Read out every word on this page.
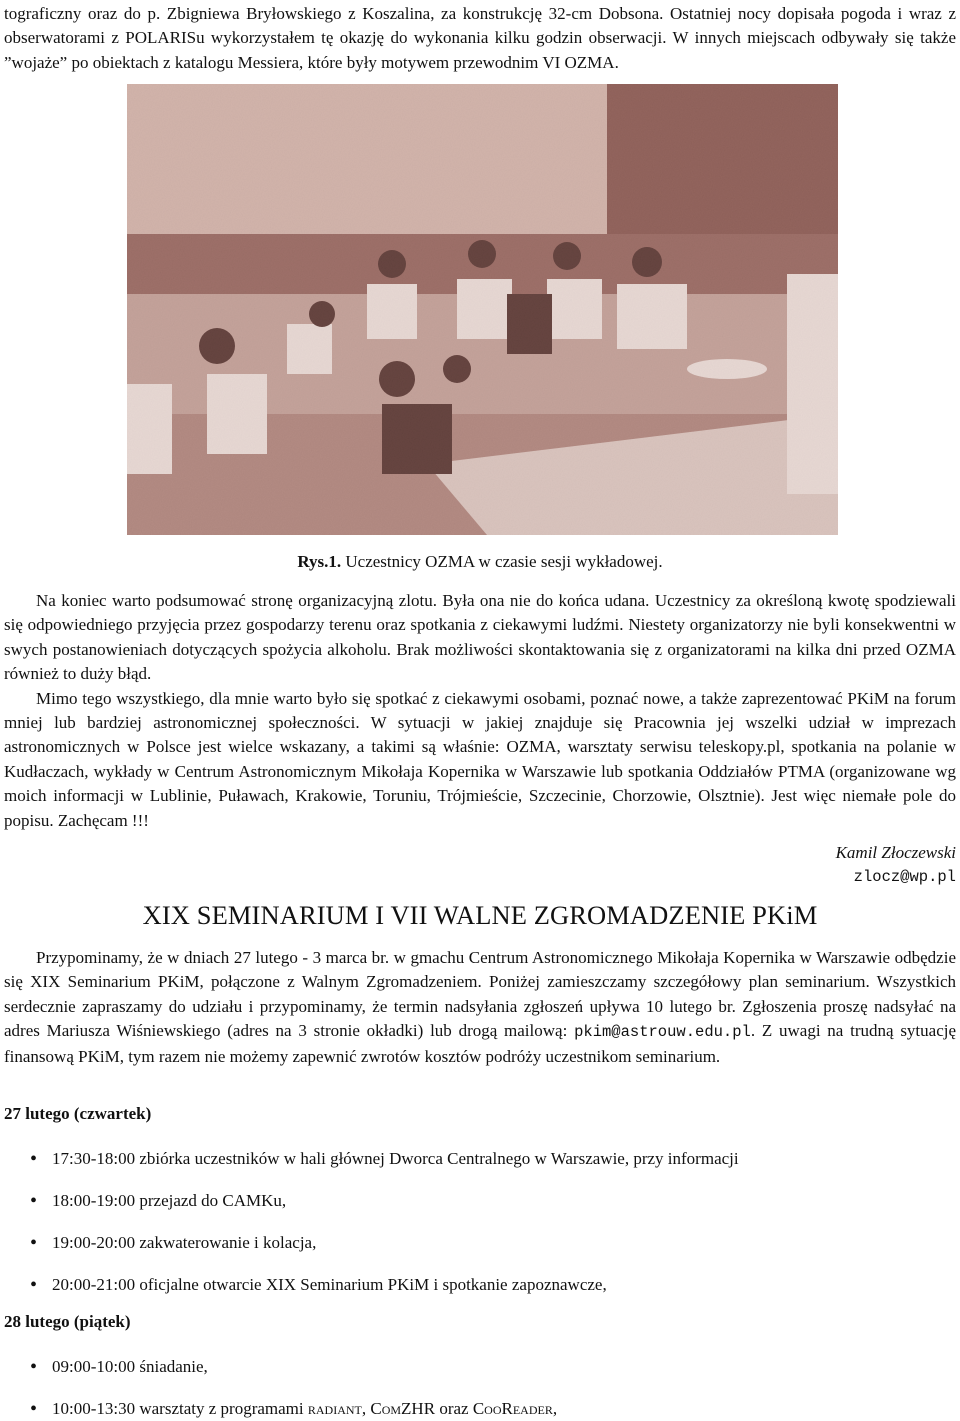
tograficzny oraz do p. Zbigniewa Bryłowskiego z Koszalina, za konstrukcję 32-cm Dobsona. Ostatniej nocy dopisała pogoda i wraz z obserwatorami z POLARISu wykorzystałem tę okazję do wykonania kilku godzin obserwacji. W innych miejscach odbywały się także ”wojaże” po obiektach z katalogu Messiera, które były motywem przewodnim VI OZMA.

Rys.1. Uczestnicy OZMA w czasie sesji wykładowej.

Na koniec warto podsumować stronę organizacyjną zlotu. Była ona nie do końca udana. Uczestnicy za określoną kwotę spodziewali się odpowiedniego przyjęcia przez gospodarzy terenu oraz spotkania z ciekawymi ludźmi. Niestety organizatorzy nie byli konsekwentni w swych postanowieniach dotyczących spożycia alkoholu. Brak możliwości skontaktowania się z organizatorami na kilka dni przed OZMA również to duży błąd.

Mimo tego wszystkiego, dla mnie warto było się spotkać z ciekawymi osobami, poznać nowe, a także zaprezentować PKiM na forum mniej lub bardziej astronomicznej społeczności. W sytuacji w jakiej znajduje się Pracownia jej wszelki udział w imprezach astronomicznych w Polsce jest wielce wskazany, a takimi są właśnie: OZMA, warsztaty serwisu teleskopy.pl, spotkania na polanie w Kudłaczach, wykłady w Centrum Astronomicznym Mikołaja Kopernika w Warszawie lub spotkania Oddziałów PTMA (organizowane wg moich informacji w Lublinie, Puławach, Krakowie, Toruniu, Trójmieście, Szczecinie, Chorzowie, Olsztnie). Jest więc niemałe pole do popisu. Zachęcam !!!

Kamil Złoczewski
zlocz@wp.pl
XIX SEMINARIUM I VII WALNE ZGROMADZENIE PKiM

Przypominamy, że w dniach 27 lutego - 3 marca br. w gmachu Centrum Astronomicznego Mikołaja Kopernika w Warszawie odbędzie się XIX Seminarium PKiM, połączone z Walnym Zgromadzeniem. Poniżej zamieszczamy szczegółowy plan seminarium. Wszystkich serdecznie zapraszamy do udziału i przypominamy, że termin nadsyłania zgłoszeń upływa 10 lutego br. Zgłoszenia proszę nadsyłać na adres Mariusza Wiśniewskiego (adres na 3 stronie okładki) lub drogą mailową: pkim@astrouw.edu.pl. Z uwagi na trudną sytuację finansową PKiM, tym razem nie możemy zapewnić zwrotów kosztów podróży uczestnikom seminarium.

27 lutego (czwartek)
• 17:30-18:00 zbiórka uczestników w hali głównej Dworca Centralnego w Warszawie, przy informacji
• 18:00-19:00 przejazd do CAMKu,
• 19:00-20:00 zakwaterowanie i kolacja,
• 20:00-21:00 oficjalne otwarcie XIX Seminarium PKiM i spotkanie zapoznawcze,
28 lutego (piątek)
• 09:00-10:00 śniadanie,
• 10:00-13:30 warsztaty z programami radiant, ComZHR oraz CooReader,
